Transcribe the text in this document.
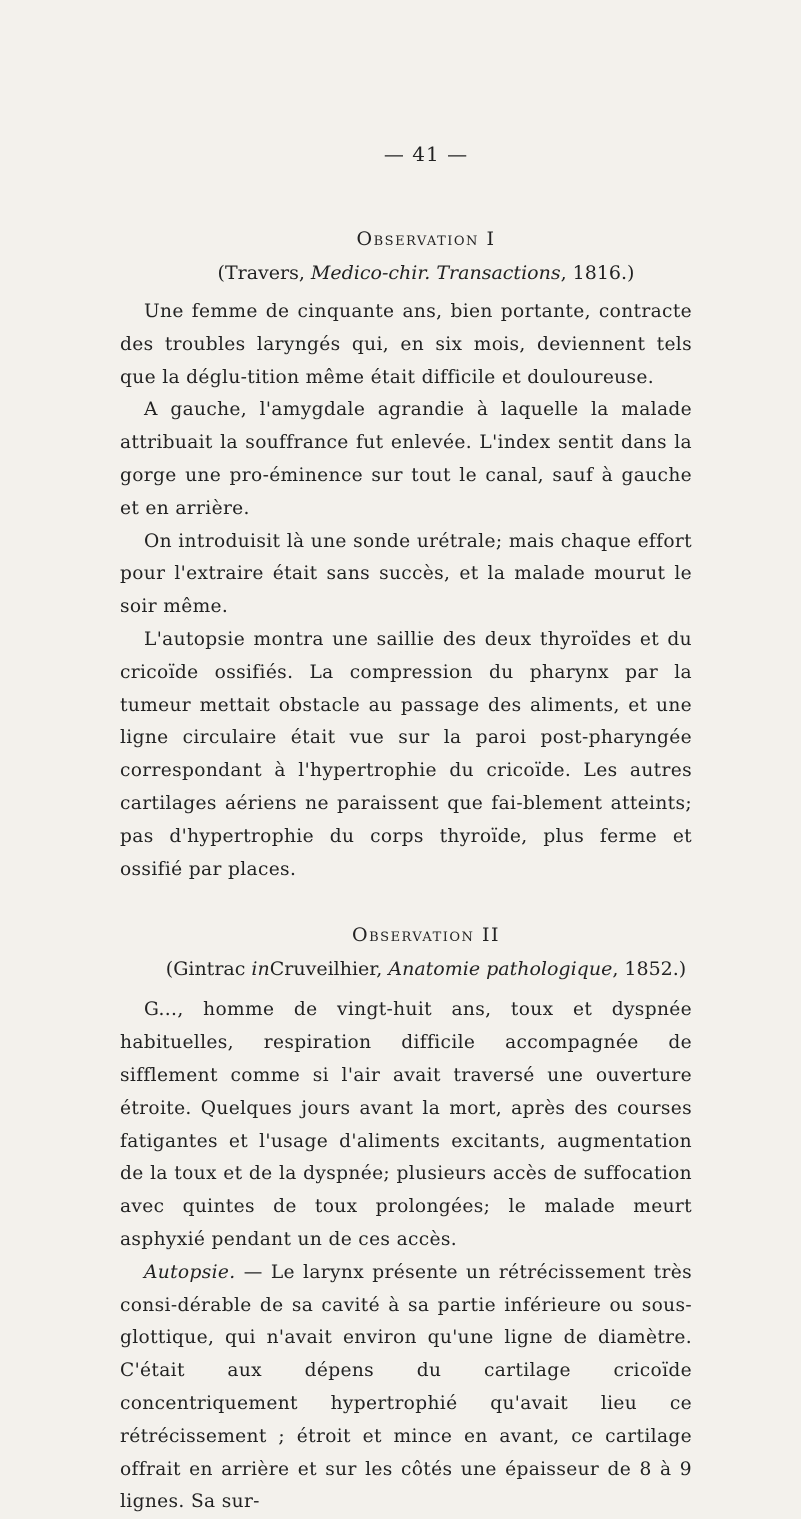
— 41 —
Observation I
(Travers, Medico-chir. Transactions, 1816.)

Une femme de cinquante ans, bien portante, contracte des troubles laryngés qui, en six mois, deviennent tels que la déglu-tition même était difficile et douloureuse.

A gauche, l'amygdale agrandie à laquelle la malade attribuait la souffrance fut enlevée. L'index sentit dans la gorge une pro-éminence sur tout le canal, sauf à gauche et en arrière.

On introduisit là une sonde urétrale; mais chaque effort pour l'extraire était sans succès, et la malade mourut le soir même.

L'autopsie montra une saillie des deux thyroïdes et du cricoïde ossifiés. La compression du pharynx par la tumeur mettait obstacle au passage des aliments, et une ligne circulaire était vue sur la paroi post-pharyngée correspondant à l'hypertrophie du cricoïde. Les autres cartilages aériens ne paraissent que fai-blement atteints; pas d'hypertrophie du corps thyroïde, plus ferme et ossifié par places.

Observation II
(Gintrac inCruveilhier, Anatomie pathologique, 1852.)

G..., homme de vingt-huit ans, toux et dyspnée habituelles, respiration difficile accompagnée de sifflement comme si l'air avait traversé une ouverture étroite. Quelques jours avant la mort, après des courses fatigantes et l'usage d'aliments excitants, augmentation de la toux et de la dyspnée; plusieurs accès de suffocation avec quintes de toux prolongées; le malade meurt asphyxié pendant un de ces accès.

Autopsie. — Le larynx présente un rétrécissement très consi-dérable de sa cavité à sa partie inférieure ou sous-glottique, qui n'avait environ qu'une ligne de diamètre. C'était aux dépens du cartilage cricoïde concentriquement hypertrophié qu'avait lieu ce rétrécissement ; étroit et mince en avant, ce cartilage offrait en arrière et sur les côtés une épaisseur de 8 à 9 lignes. Sa sur-
